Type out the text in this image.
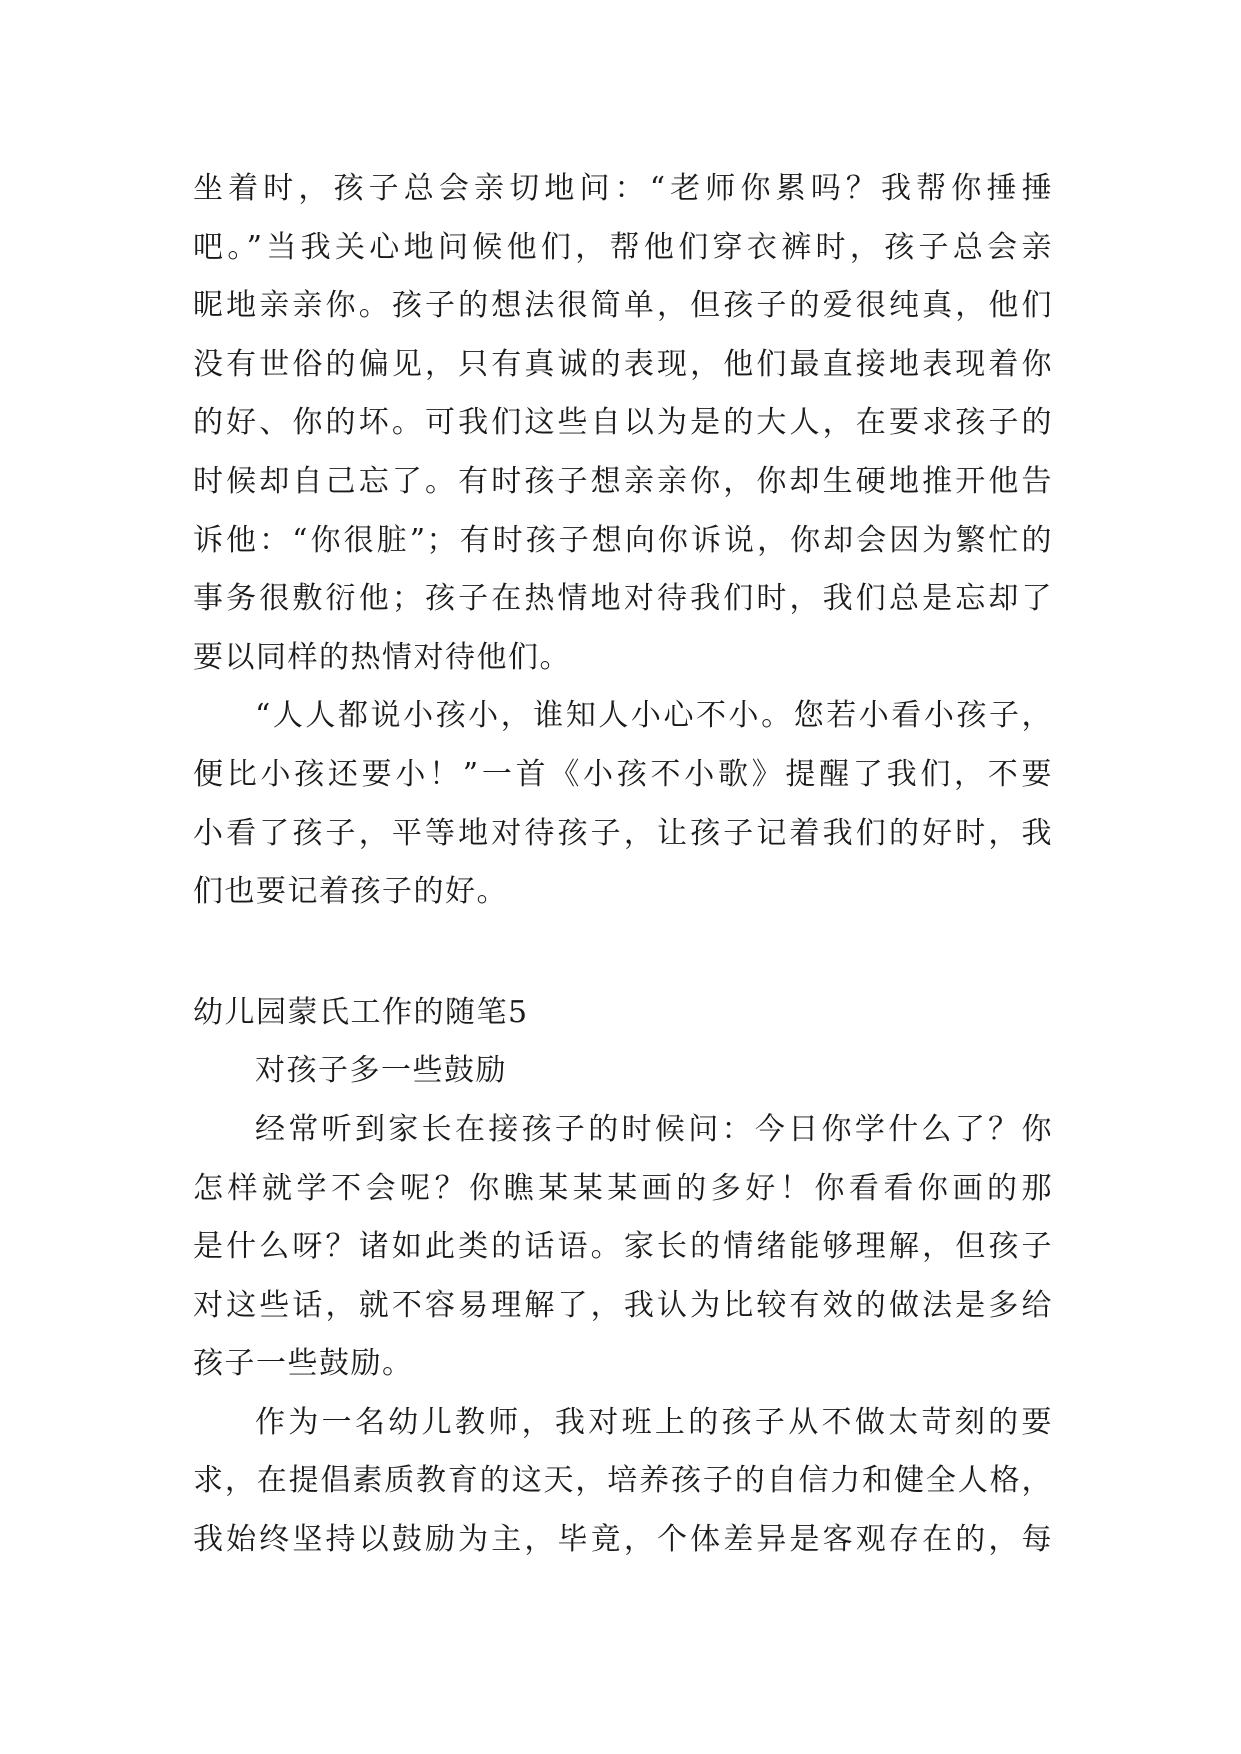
坐着时，孩子总会亲切地问：“老师你累吗？我帮你捶捶
吧。”当我关心地问候他们，帮他们穿衣裤时，孩子总会亲
昵地亲亲你。孩子的想法很简单，但孩子的爱很纯真，他们
没有世俗的偏见，只有真诚的表现，他们最直接地表现着你
的好、你的坏。可我们这些自以为是的大人，在要求孩子的
时候却自己忘了。有时孩子想亲亲你，你却生硬地推开他告
诉他：“你很脏”；有时孩子想向你诉说，你却会因为繁忙的
事务很敷衍他；孩子在热情地对待我们时，我们总是忘却了
要以同样的热情对待他们。
“人人都说小孩小，谁知人小心不小。您若小看小孩子，
便比小孩还要小！”一首《小孩不小歌》提醒了我们，不要
小看了孩子，平等地对待孩子，让孩子记着我们的好时，我
们也要记着孩子的好。
幼儿园蒙氏工作的随笔5
对孩子多一些鼓励
经常听到家长在接孩子的时候问：今日你学什么了？你
怎样就学不会呢？你瞧某某某画的多好！你看看你画的那
是什么呀？诸如此类的话语。家长的情绪能够理解，但孩子
对这些话，就不容易理解了，我认为比较有效的做法是多给
孩子一些鼓励。
作为一名幼儿教师，我对班上的孩子从不做太苛刻的要
求，在提倡素质教育的这天，培养孩子的自信力和健全人格，
我始终坚持以鼓励为主，毕竟，个体差异是客观存在的，每
